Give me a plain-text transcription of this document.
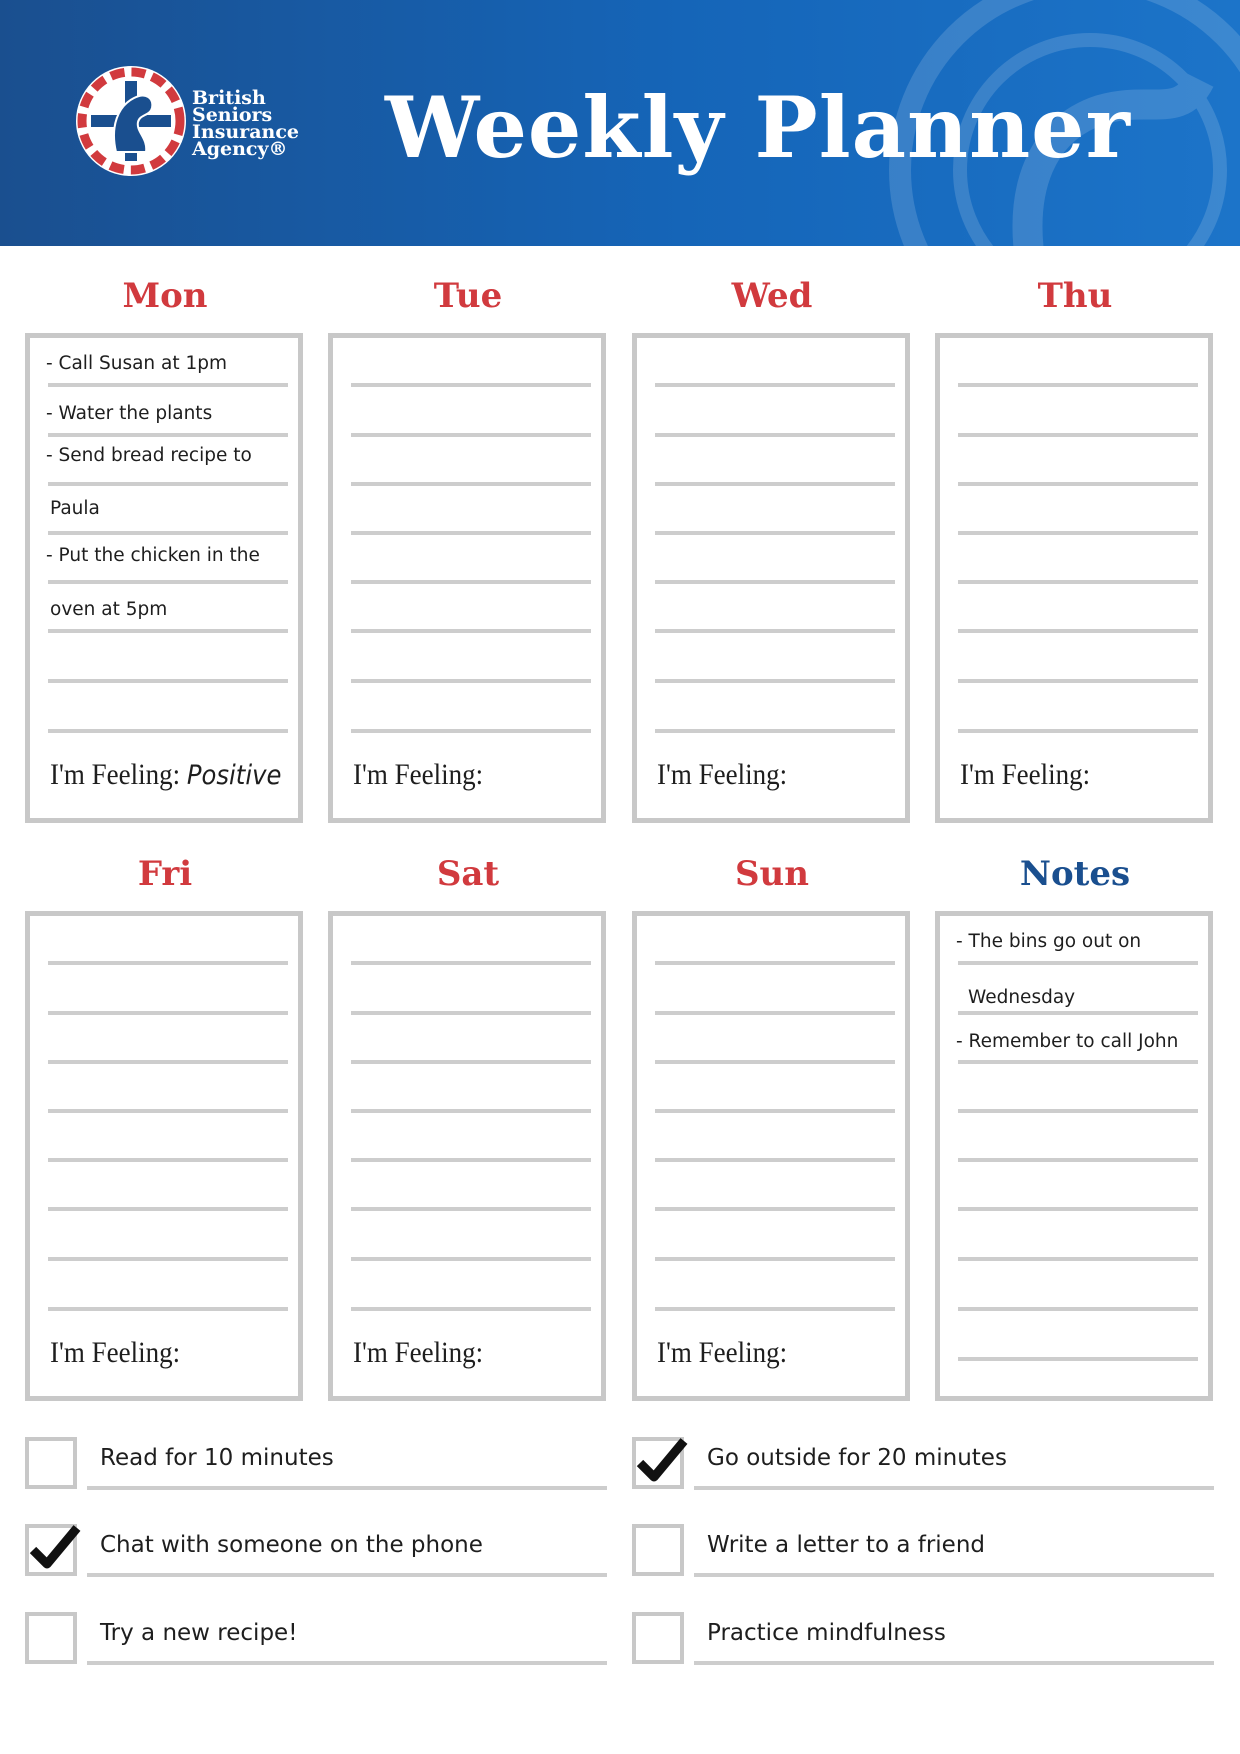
British
Seniors
Insurance
Agency® Weekly Planner
Mon
- Call Susan at 1pm
- Water the plants
- Send bread recipe to
Paula
- Put the chicken in the
oven at 5pm
I'm Feeling: Positive
Tue
I'm Feeling:
Wed
I'm Feeling:
Thu
I'm Feeling:
Fri
I'm Feeling:
Sat
I'm Feeling:
Sun
I'm Feeling:
Notes
- The bins go out on
Wednesday
- Remember to call John
Read for 10 minutes	Go outside for 20 minutes
Chat with someone on the phone	Write a letter to a friend
Try a new recipe!	Practice mindfulness
